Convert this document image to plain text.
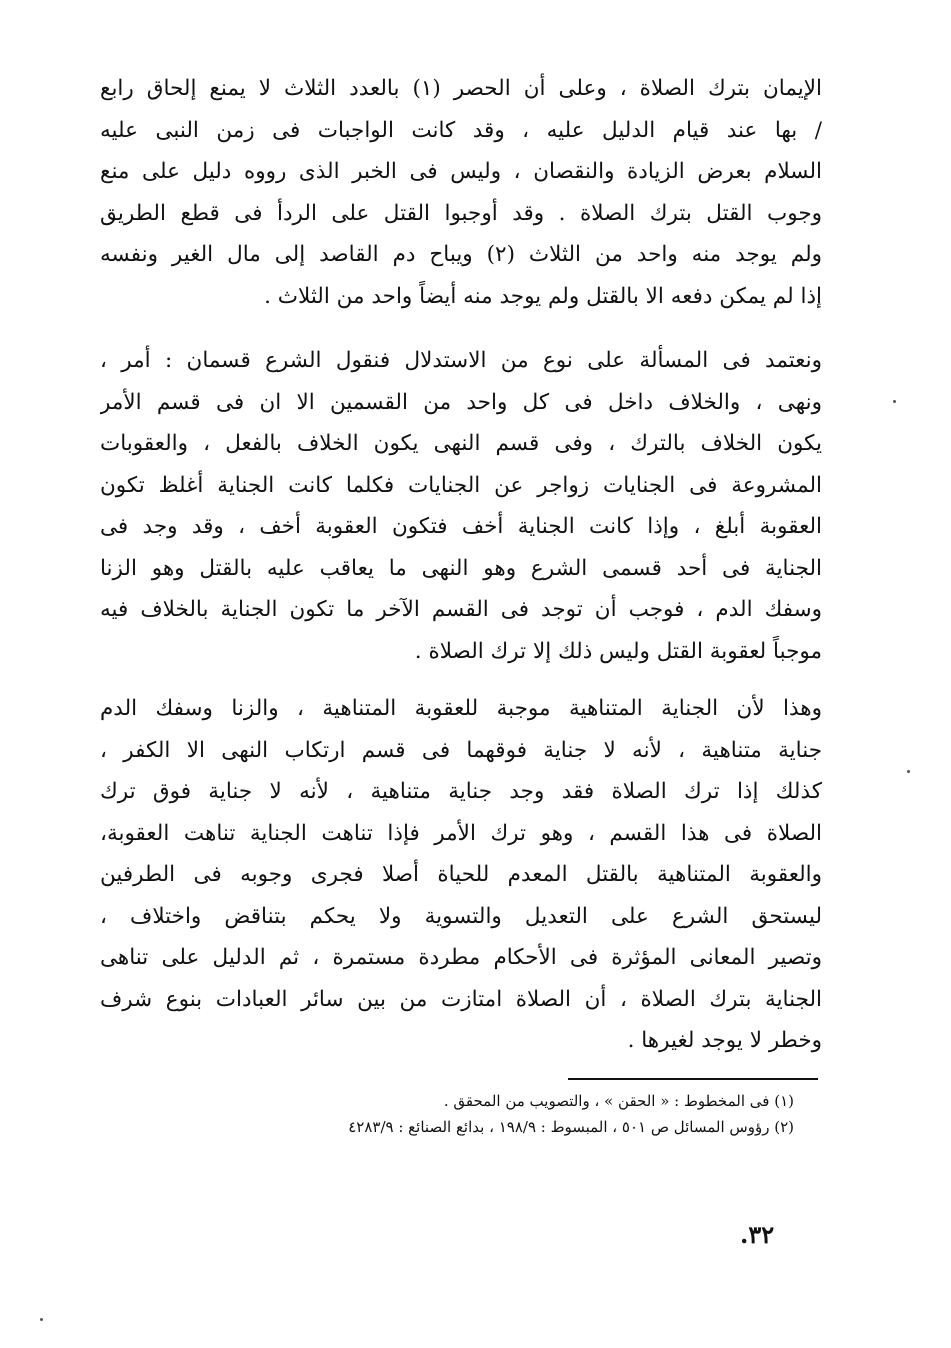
الإيمان بترك الصلاة ، وعلى أن الحصر (١) بالعدد الثلاث لا يمنع إلحاق رابع
/ بها عند قيام الدليل عليه ، وقد كانت الواجبات فى زمن النبى عليه
السلام بعرض الزيادة والنقصان ، وليس فى الخبر الذى رووه دليل على منع
وجوب القتل بترك الصلاة . وقد أوجبوا القتل على الردأ فى قطع الطريق
ولم يوجد منه واحد من الثلاث (٢) ويباح دم القاصد إلى مال الغير ونفسه
إذا لم يمكن دفعه الا بالقتل ولم يوجد منه أيضاً واحد من الثلاث .
ونعتمد فى المسألة على نوع من الاستدلال فنقول الشرع قسمان : أمر ،
ونهى ، والخلاف داخل فى كل واحد من القسمين الا ان فى قسم الأمر
يكون الخلاف بالترك ، وفى قسم النهى يكون الخلاف بالفعل ، والعقوبات
المشروعة فى الجنايات زواجر عن الجنايات فكلما كانت الجناية أغلظ تكون
العقوبة أبلغ ، وإذا كانت الجناية أخف فتكون العقوبة أخف ، وقد وجد فى
الجناية فى أحد قسمى الشرع وهو النهى ما يعاقب عليه بالقتل وهو الزنا
وسفك الدم ، فوجب أن توجد فى القسم الآخر ما تكون الجناية بالخلاف فيه
موجباً لعقوبة القتل وليس ذلك إلا ترك الصلاة .
وهذا لأن الجناية المتناهية موجبة للعقوبة المتناهية ، والزنا وسفك الدم
جناية متناهية ، لأنه لا جناية فوقهما فى قسم ارتكاب النهى الا الكفر ،
كذلك إذا ترك الصلاة فقد وجد جناية متناهية ، لأنه لا جناية فوق ترك
الصلاة فى هذا القسم ، وهو ترك الأمر فإذا تناهت الجناية تناهت العقوبة،
والعقوبة المتناهية بالقتل المعدم للحياة أصلا فجرى وجوبه فى الطرفين
ليستحق الشرع على التعديل والتسوية ولا يحكم بتناقض واختلاف ،
وتصير المعانى المؤثرة فى الأحكام مطردة مستمرة ، ثم الدليل على تناهى
الجناية بترك الصلاة ، أن الصلاة امتازت من بين سائر العبادات بنوع شرف
وخطر لا يوجد لغيرها .
(١) فى المخطوط : « الحقن » ، والتصويب من المحقق .
(٢) رؤوس المسائل ص ٥٠١ ، المبسوط : ١٩٨/٩ ، بدائع الصنائع : ٤٢٨٣/٩
٣٢.
